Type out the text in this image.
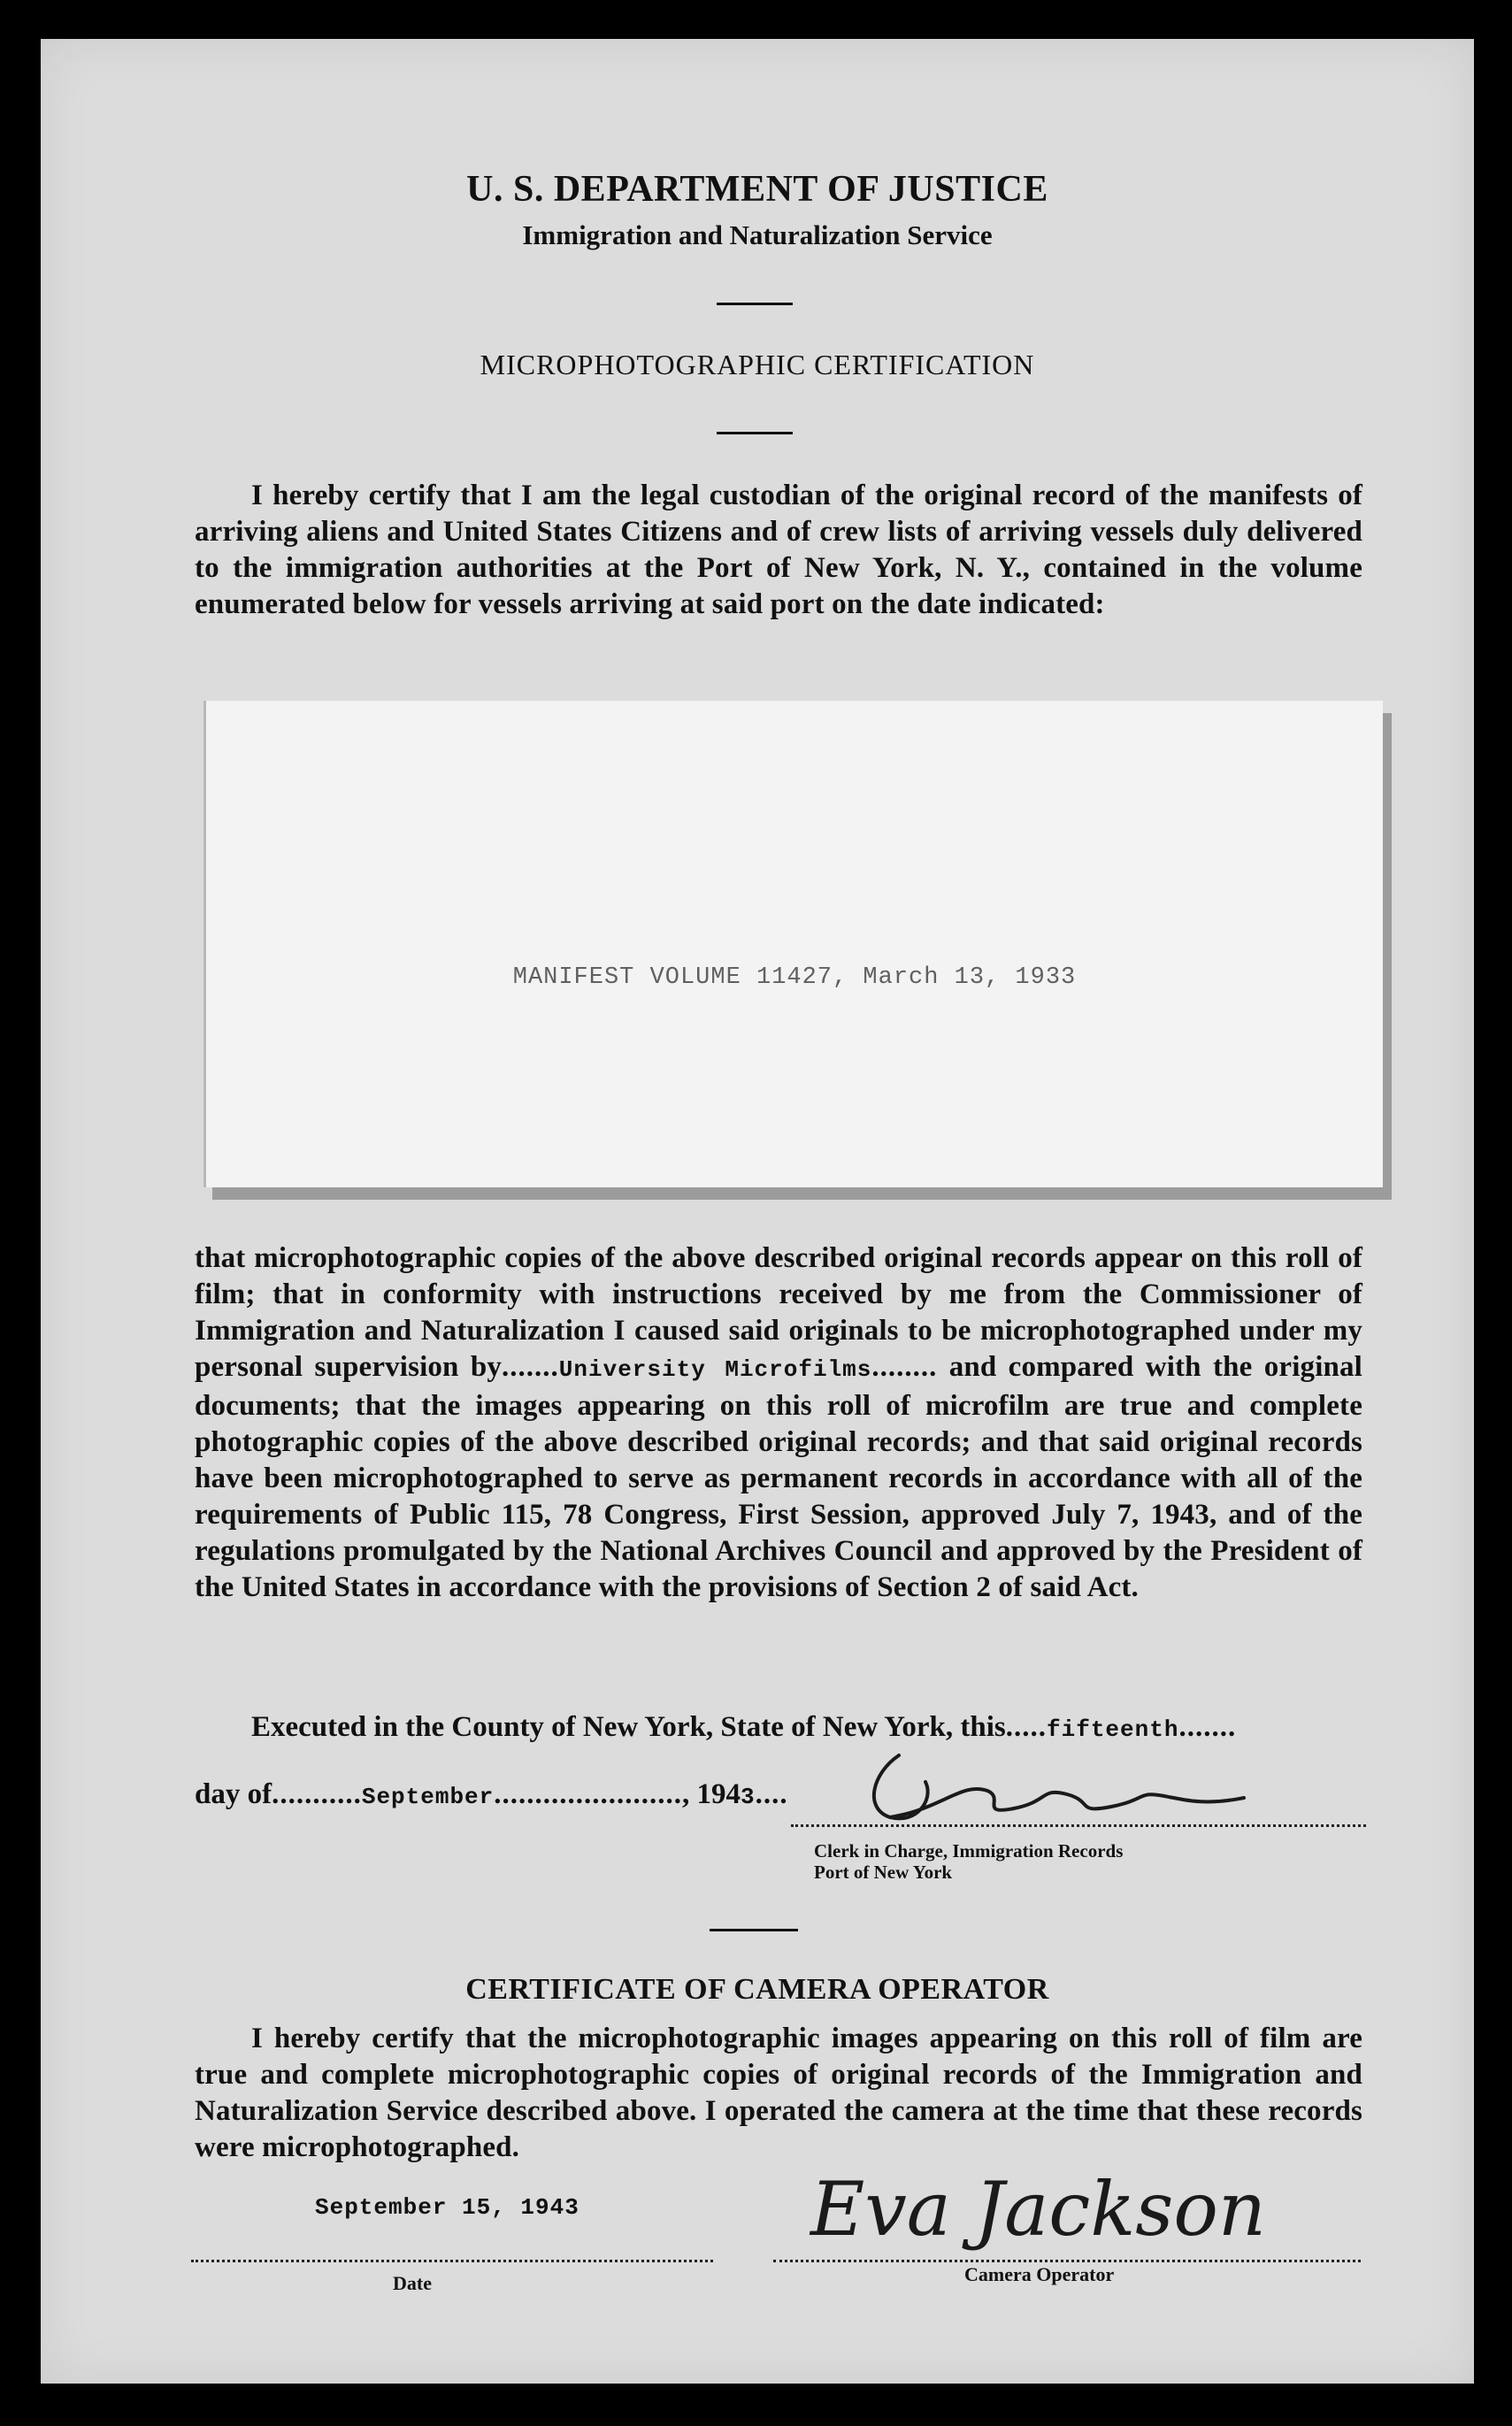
U. S. DEPARTMENT OF JUSTICE
Immigration and Naturalization Service
MICROPHOTOGRAPHIC CERTIFICATION
I hereby certify that I am the legal custodian of the original record of the manifests of arriving aliens and United States Citizens and of crew lists of arriving vessels duly delivered to the immigration authorities at the Port of New York, N. Y., contained in the volume enumerated below for vessels arriving at said port on the date indicated:
MANIFEST VOLUME 11427, March 13, 1933
that microphotographic copies of the above described original records appear on this roll of film; that in conformity with instructions received by me from the Commissioner of Immigration and Naturalization I caused said originals to be microphotographed under my personal supervision by.......University Microfilms........ and compared with the original documents; that the images appearing on this roll of microfilm are true and complete photographic copies of the above described original records; and that said original records have been microphotographed to serve as permanent records in accordance with all of the requirements of Public 115, 78 Congress, First Session, approved July 7, 1943, and of the regulations promulgated by the National Archives Council and approved by the President of the United States in accordance with the provisions of Section 2 of said Act.
Executed in the County of New York, State of New York, this.....fifteenth.......
day of...........September......................., 1943....
Clerk in Charge, Immigration Records
Port of New York
CERTIFICATE OF CAMERA OPERATOR
I hereby certify that the microphotographic images appearing on this roll of film are true and complete microphotographic copies of original records of the Immigration and Naturalization Service described above. I operated the camera at the time that these records were microphotographed.
September 15, 1943
Date
Eva Jackson
Camera Operator
